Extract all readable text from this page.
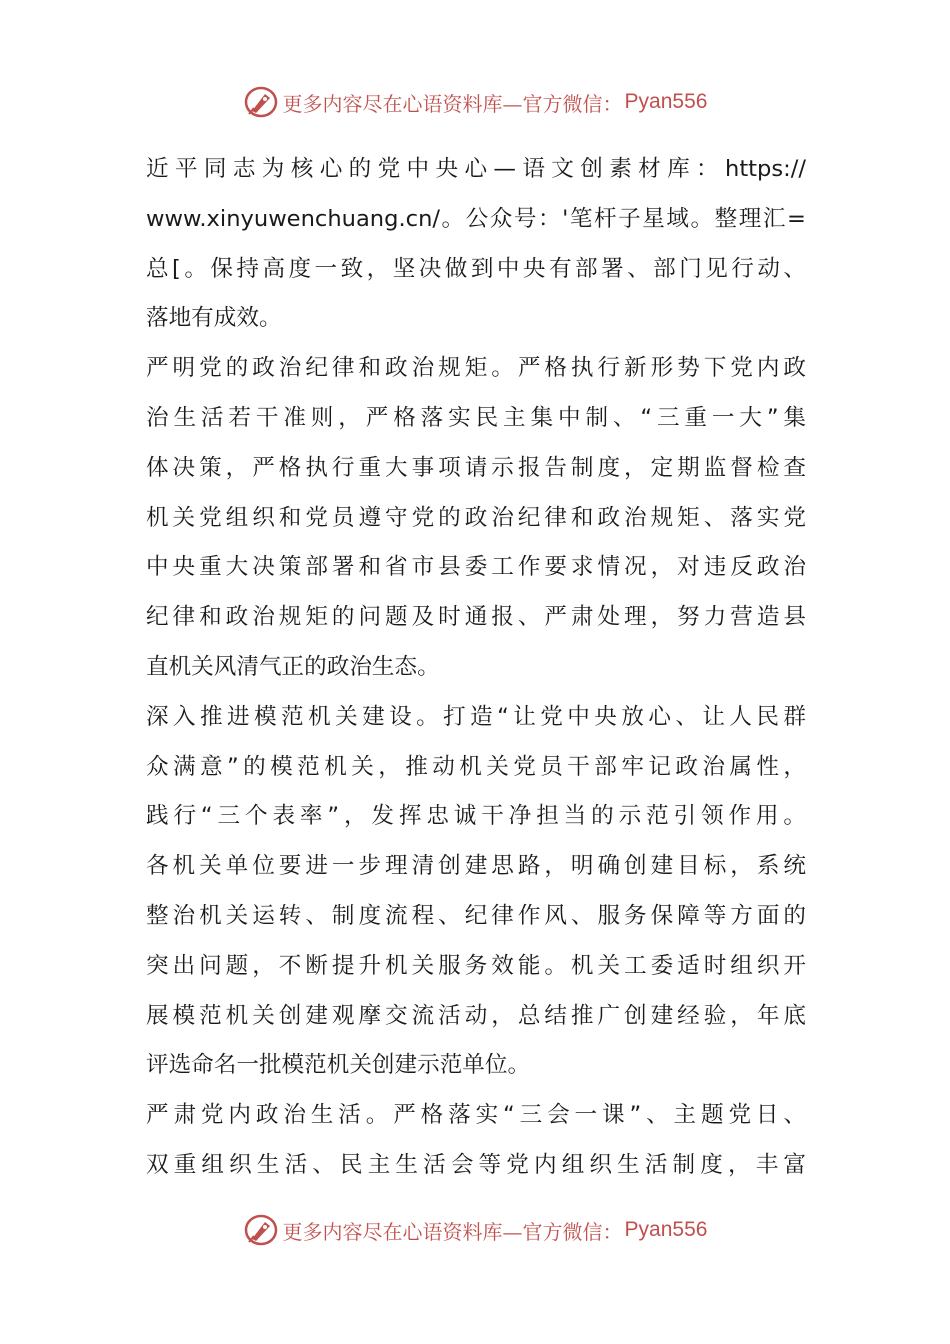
更多内容尽在心语资料库—官方微信： Pyan556
近平同志为核心的党中央心—语文创素材库：https://
www.xinyuwenchuang.cn/。公众号：'笔杆子星域。整理汇=
总[。保持高度一致，坚决做到中央有部署、部门见行动、
落地有成效。
严明党的政治纪律和政治规矩。严格执行新形势下党内政
治生活若干准则，严格落实民主集中制、“三重一大”集
体决策，严格执行重大事项请示报告制度，定期监督检查
机关党组织和党员遵守党的政治纪律和政治规矩、落实党
中央重大决策部署和省市县委工作要求情况，对违反政治
纪律和政治规矩的问题及时通报、严肃处理，努力营造县
直机关风清气正的政治生态。
深入推进模范机关建设。打造“让党中央放心、让人民群
众满意”的模范机关，推动机关党员干部牢记政治属性，
践行“三个表率”，发挥忠诚干净担当的示范引领作用。
各机关单位要进一步理清创建思路，明确创建目标，系统
整治机关运转、制度流程、纪律作风、服务保障等方面的
突出问题，不断提升机关服务效能。机关工委适时组织开
展模范机关创建观摩交流活动，总结推广创建经验，年底
评选命名一批模范机关创建示范单位。
严肃党内政治生活。严格落实“三会一课”、主题党日、
双重组织生活、民主生活会等党内组织生活制度，丰富
更多内容尽在心语资料库—官方微信： Pyan556
